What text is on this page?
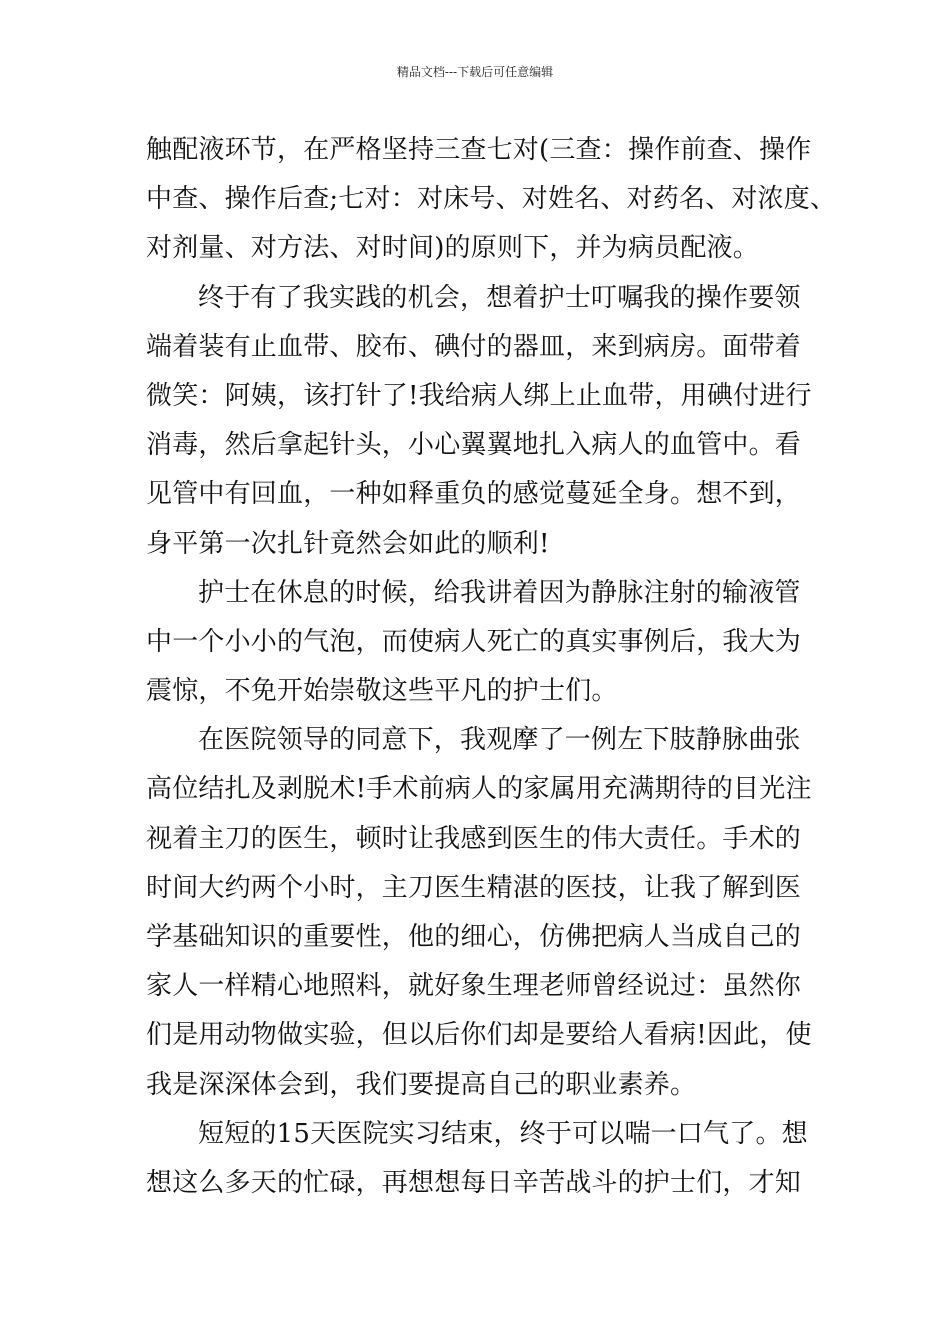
精品文档---下载后可任意编辑
触配液环节，在严格坚持三查七对(三查：操作前查、操作
中查、操作后查;七对：对床号、对姓名、对药名、对浓度、
对剂量、对方法、对时间)的原则下，并为病员配液。
终于有了我实践的机会，想着护士叮嘱我的操作要领
端着装有止血带、胶布、碘付的器皿，来到病房。面带着
微笑：阿姨，该打针了!我给病人绑上止血带，用碘付进行
消毒，然后拿起针头，小心翼翼地扎入病人的血管中。看
见管中有回血，一种如释重负的感觉蔓延全身。想不到，
身平第一次扎针竟然会如此的顺利!
护士在休息的时候，给我讲着因为静脉注射的输液管
中一个小小的气泡，而使病人死亡的真实事例后，我大为
震惊，不免开始崇敬这些平凡的护士们。
在医院领导的同意下，我观摩了一例左下肢静脉曲张
高位结扎及剥脱术!手术前病人的家属用充满期待的目光注
视着主刀的医生，顿时让我感到医生的伟大责任。手术的
时间大约两个小时，主刀医生精湛的医技，让我了解到医
学基础知识的重要性，他的细心，仿佛把病人当成自己的
家人一样精心地照料，就好象生理老师曾经说过：虽然你
们是用动物做实验，但以后你们却是要给人看病!因此，使
我是深深体会到，我们要提高自己的职业素养。
短短的15天医院实习结束，终于可以喘一口气了。想
想这么多天的忙碌，再想想每日辛苦战斗的护士们，才知
